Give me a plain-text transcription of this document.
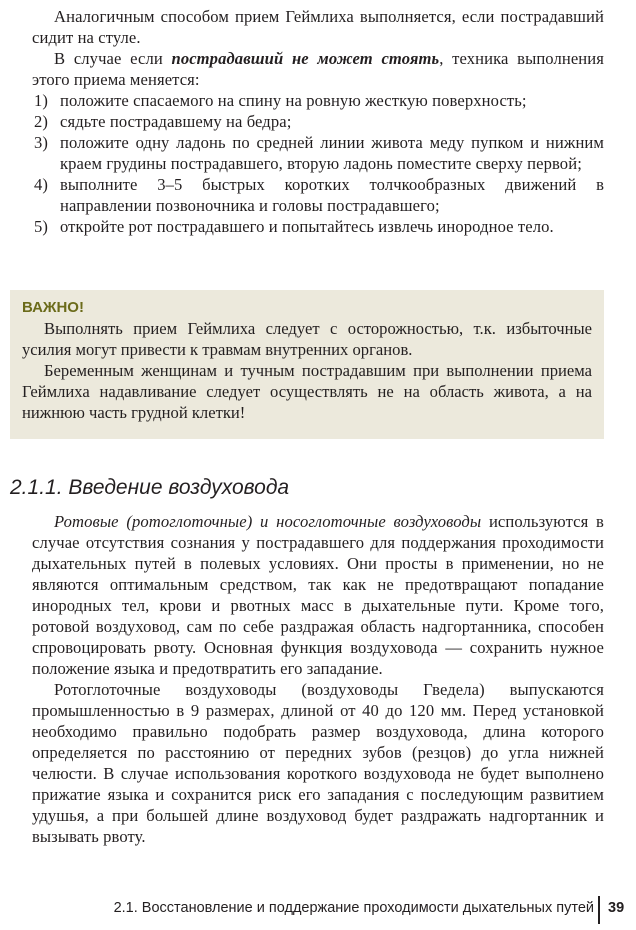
Аналогичным способом прием Геймлиха выполняется, если пострадавший сидит на стуле.

В случае если пострадавший не может стоять, техника выполнения этого приема меняется:

1) положите спасаемого на спину на ровную жесткую поверхность;
2) сядьте пострадавшему на бедра;
3) положите одну ладонь по средней линии живота меду пупком и нижним краем грудины пострадавшего, вторую ладонь поместите сверху первой;
4) выполните 3–5 быстрых коротких толчкообразных движений в направлении позвоночника и головы пострадавшего;
5) откройте рот пострадавшего и попытайтесь извлечь инородное тело.
ВАЖНО!

Выполнять прием Геймлиха следует с осторожностью, т.к. избыточные усилия могут привести к травмам внутренних органов.

Беременным женщинам и тучным пострадавшим при выполнении приема Геймлиха надавливание следует осуществлять не на область живота, а на нижнюю часть грудной клетки!

2.1.1. Введение воздуховода

Ротовые (ротоглоточные) и носоглоточные воздуховоды используются в случае отсутствия сознания у пострадавшего для поддержания проходимости дыхательных путей в полевых условиях. Они просты в применении, но не являются оптимальным средством, так как не предотвращают попадание инородных тел, крови и рвотных масс в дыхательные пути. Кроме того, ротовой воздуховод, сам по себе раздражая область надгортанника, способен спровоцировать рвоту. Основная функция воздуховода — сохранить нужное положение языка и предотвратить его западание.

Ротоглоточные воздуховоды (воздуховоды Гведела) выпускаются промышленностью в 9 размерах, длиной от 40 до 120 мм. Перед установкой необходимо правильно подобрать размер воздуховода, длина которого определяется по расстоянию от передних зубов (резцов) до угла нижней челюсти. В случае использования короткого воздуховода не будет выполнено прижатие языка и сохранится риск его западания с последующим развитием удушья, а при большей длине воздуховод будет раздражать надгортанник и вызывать рвоту.

2.1. Восстановление и поддержание проходимости дыхательных путей 39
